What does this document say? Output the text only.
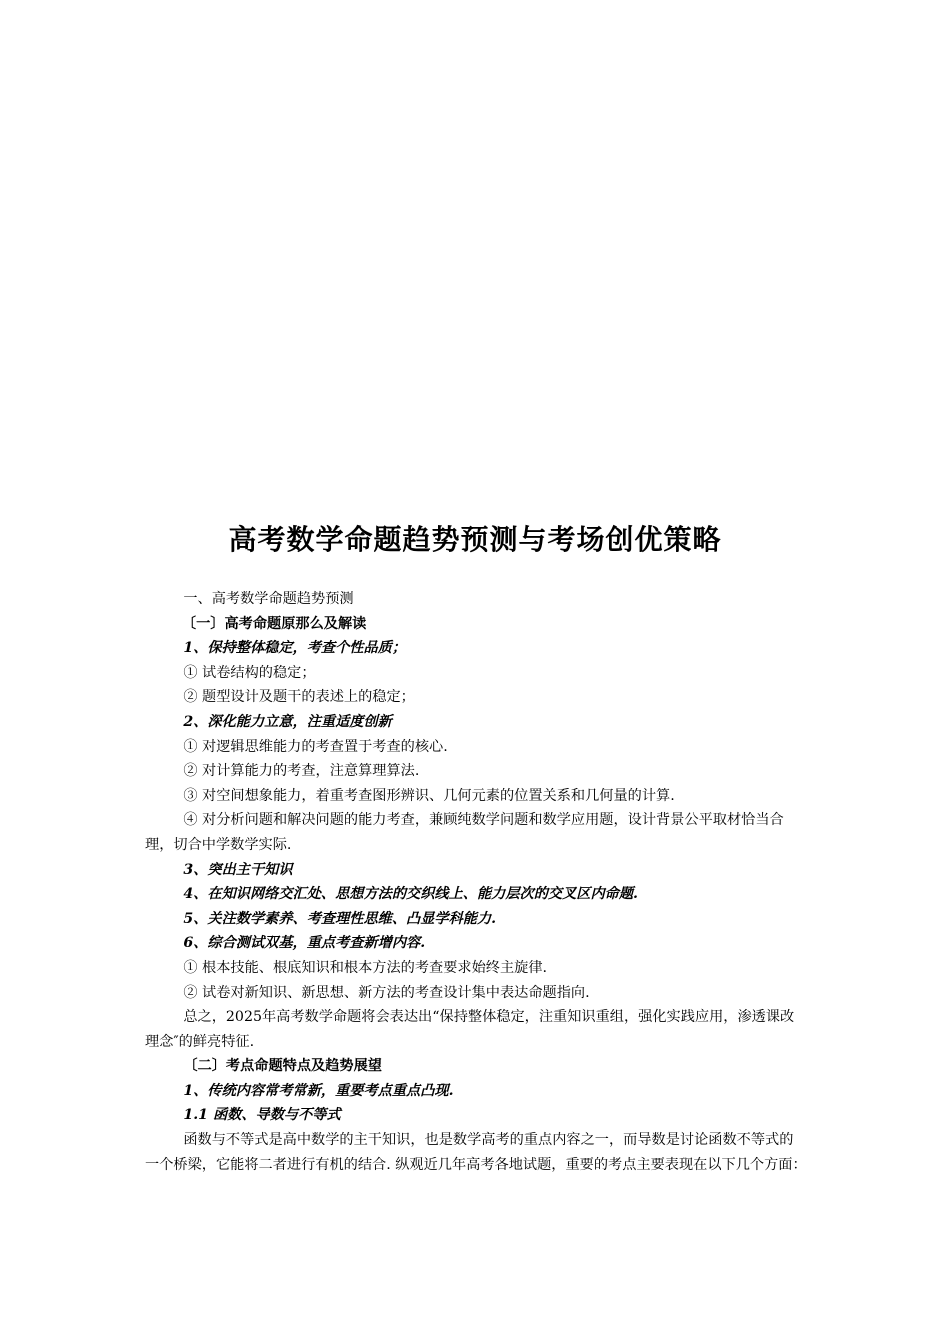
高考数学命题趋势预测与考场创优策略

一、高考数学命题趋势预测

〔一〕高考命题原那么及解读

1、保持整体稳定，考查个性品质；

① 试卷结构的稳定；

② 题型设计及题干的表述上的稳定；

2、深化能力立意，注重适度创新

① 对逻辑思维能力的考查置于考查的核心.

② 对计算能力的考查，注意算理算法.

③ 对空间想象能力，着重考查图形辨识、几何元素的位置关系和几何量的计算.

④ 对分析问题和解决问题的能力考查，兼顾纯数学问题和数学应用题，设计背景公平取材恰当合理，切合中学数学实际.

3、突出主干知识

4、在知识网络交汇处、思想方法的交织线上、能力层次的交叉区内命题.

5、关注数学素养、考查理性思维、凸显学科能力.

6、综合测试双基，重点考查新增内容.

① 根本技能、根底知识和根本方法的考查要求始终主旋律.

② 试卷对新知识、新思想、新方法的考查设计集中表达命题指向.

总之，2025年高考数学命题将会表达出“保持整体稳定，注重知识重组，强化实践应用，渗透课改理念″的鲜亮特征.

〔二〕考点命题特点及趋势展望

1、传统内容常考常新，重要考点重点凸现.

1.1 函数、导数与不等式

函数与不等式是高中数学的主干知识，也是数学高考的重点内容之一，而导数是讨论函数不等式的一个桥梁，它能将二者进行有机的结合. 纵观近几年高考各地试题，重要的考点主要表现在以下几个方面：
